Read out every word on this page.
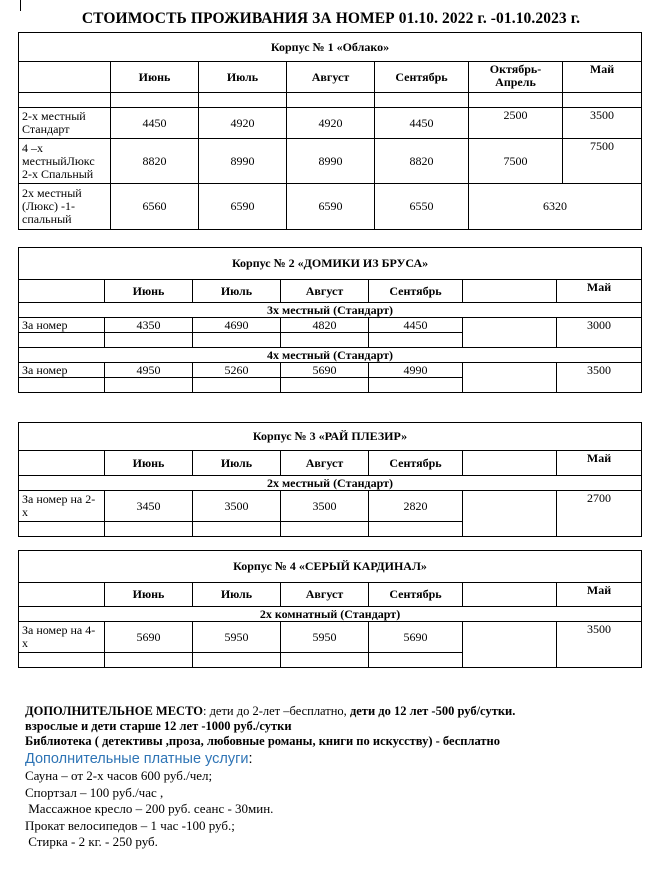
СТОИМОСТЬ ПРОЖИВАНИЯ ЗА НОМЕР 01.10. 2022 г. -01.10.2023 г.
Корпус № 1 «Облако»						
	Июнь	Июль	Август	Сентябрь	Октябрь-Апрель	Май

2-х местный Стандарт	4450	4920	4920	4450	2500	3500
4 –х местныйЛюкс 2-х Спальный	8820	8990	8990	8820	7500	7500
2х местный (Люкс) -1-спальный	6560	6590	6590	6550	6320	
Корпус № 2 «ДОМИКИ ИЗ БРУСА»						
	Июнь	Июль	Август	Сентябрь		Май
3х местный (Стандарт)						
За номер	4350	4690	4820	4450		3000

4х местный (Стандарт)						
За номер	4950	5260	5690	4990		3500

Корпус № 3 «РАЙ ПЛЕЗИР»						
	Июнь	Июль	Август	Сентябрь		Май
2х местный (Стандарт)						
За номер на 2-х	3450	3500	3500	2820		2700

Корпус № 4 «СЕРЫЙ КАРДИНАЛ»						
	Июнь	Июль	Август	Сентябрь		Май
2х комнатный (Стандарт)						
За номер на 4-х	5690	5950	5950	5690		3500

ДОПОЛНИТЕЛЬНОЕ МЕСТО: дети до 2-лет –бесплатно, дети до 12 лет -500 руб/сутки.
взрослые и дети старше 12 лет -1000 руб./сутки
Библиотека ( детективы ,проза, любовные романы, книги по искусству) - бесплатно
Дополнительные платные услуги:
Сауна – от 2-х часов 600 руб./чел;
Спортзал – 100 руб./час ,
Массажное кресло – 200 руб. сеанс - 30мин.
Прокат велосипедов – 1 час -100 руб.;
Стирка - 2 кг. - 250 руб.
